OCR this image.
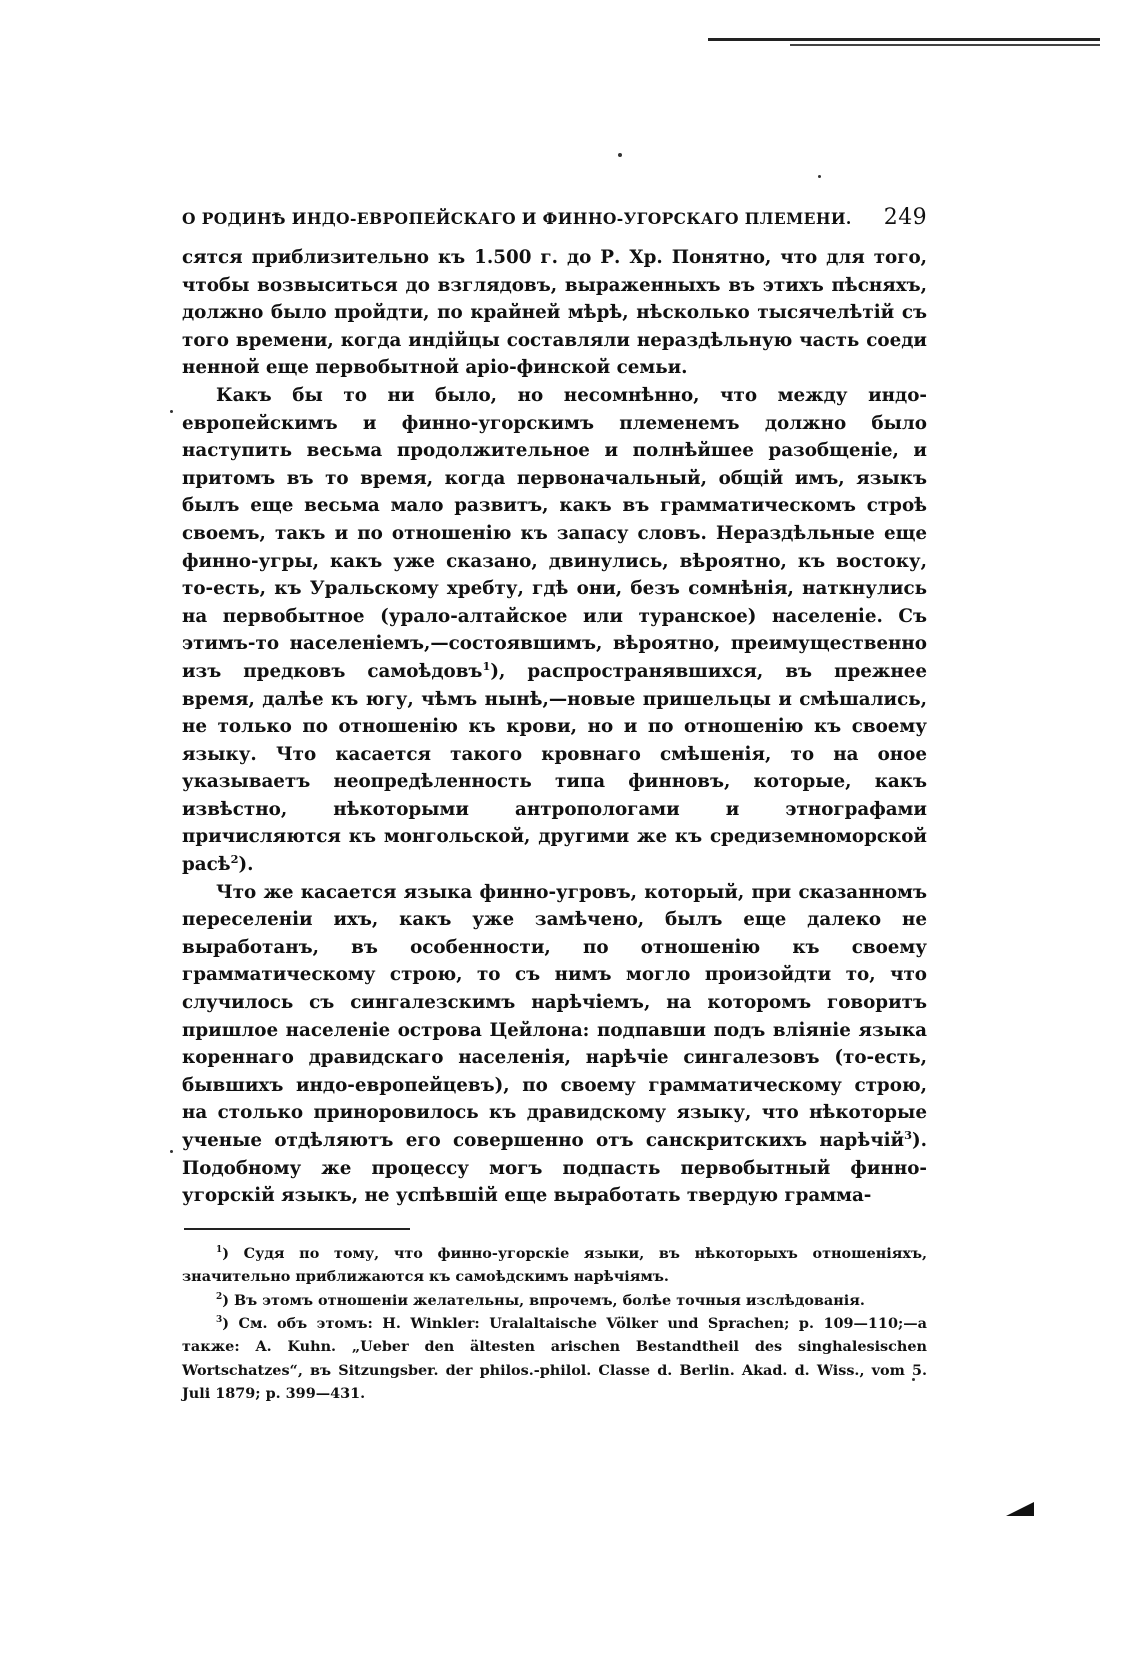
О РОДИНѢ ИНДО-ЕВРОПЕЙСКАГО И ФИННО-УГОРСКАГО ПЛЕМЕНИ. 249

сятся приблизительно къ 1.500 г. до Р. Хр. Понятно, что для того, чтобы возвыситься до взглядовъ, выраженныхъ въ этихъ пѣсняхъ, должно было пройдти, по крайней мѣрѣ, нѣсколько тысячелѣтій съ того времени, когда индійцы составляли нераздѣльную часть соеди ненной еще первобытной аріо-финской семьи.

Какъ бы то ни было, но несомнѣнно, что между индо-европейскимъ и финно-угорскимъ племенемъ должно было наступить весьма продолжительное и полнѣйшее разобщеніе, и притомъ въ то время, когда первоначальный, общій имъ, языкъ былъ еще весьма мало развитъ, какъ въ грамматическомъ строѣ своемъ, такъ и по отношенію къ запасу словъ. Нераздѣльные еще финно-угры, какъ уже сказано, двинулись, вѣроятно, къ востоку, то-есть, къ Уральскому хребту, гдѣ они, безъ сомнѣнія, наткнулись на первобытное (урало-алтайское или туранское) населеніе. Съ этимъ-то населеніемъ,—состоявшимъ, вѣроятно, преимущественно изъ предковъ самоѣдовъ$^1$), распространявшихся, въ прежнее время, далѣе къ югу, чѣмъ нынѣ,—новые пришельцы и смѣшались, не только по отношенію къ крови, но и по отношенію къ своему языку. Что касается такого кровнаго смѣшенія, то на оное указываетъ неопредѣленность типа финновъ, которые, какъ извѣстно, нѣкоторыми антропологами и этнографами причисляются къ монгольской, другими же къ средиземноморской расѣ$^2$).

Что же касается языка финно-угровъ, который, при сказанномъ переселеніи ихъ, какъ уже замѣчено, былъ еще далеко не выработанъ, въ особенности, по отношенію къ своему грамматическому строю, то съ нимъ могло произойдти то, что случилось съ сингалезскимъ нарѣчіемъ, на которомъ говоритъ пришлое населеніе острова Цейлона: подпавши подъ вліяніе языка кореннаго дравидскаго населенія, нарѣчіе сингалезовъ (то-есть, бывшихъ индо-европейцевъ), по своему грамматическому строю, на столько приноровилось къ дравидскому языку, что нѣкоторые ученые отдѣляютъ его совершенно отъ санскритскихъ нарѣчій$^3$). Подобному же процессу могъ подпасть первобытный финно-угорскій языкъ, не успѣвшій еще выработать твердую грамма-

$^1$) Судя по тому, что финно-угорскіе языки, въ нѣкоторыхъ отношеніяхъ, значительно приближаются къ самоѣдскимъ нарѣчіямъ.

$^2$) Въ этомъ отношеніи желательны, впрочемъ, болѣе точныя изслѣдованія.

$^3$) См. объ этомъ: H. Winkler: Uralaltaische Völker und Sprachen; p. 109—110;—а также: A. Kuhn. „Ueber den ältesten arischen Bestandtheil des singhalesischen Wortschatzes“, въ Sitzungsber. der philos.-philol. Classe d. Berlin. Akad. d. Wiss., vom 5. Juli 1879; p. 399—431.
